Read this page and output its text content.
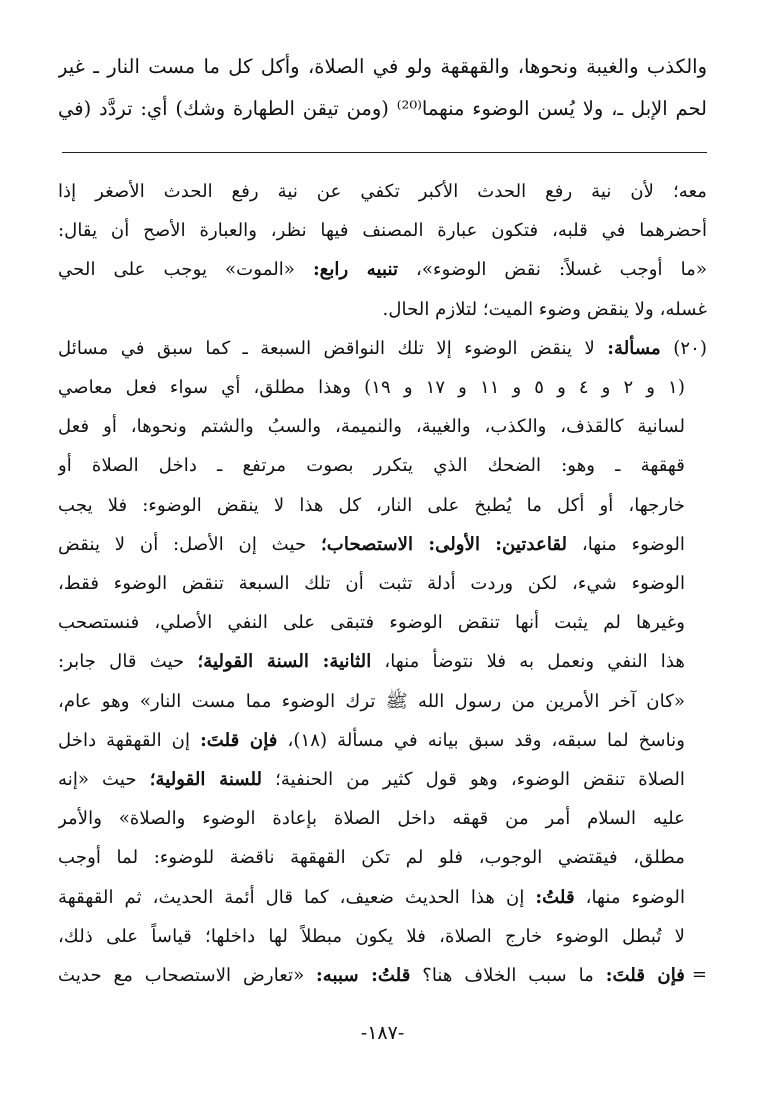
والكذب والغيبة ونحوها، والقهقهة ولو في الصلاة، وأكل كل ما مست النار ـ غير
لحم الإبل ـ، ولا يُسن الوضوء منهما⁽²⁰⁾ (ومن تيقن الطهارة وشك) أي: تردَّد (في
معه؛ لأن نية رفع الحدث الأكبر تكفي عن نية رفع الحدث الأصغر إذا
أحضرهما في قلبه، فتكون عبارة المصنف فيها نظر، والعبارة الأصح أن يقال:
«ما أوجب غسلاً: نقض الوضوء»، تنبيه رابع: «الموت» يوجب على الحي
غسله، ولا ينقض وضوء الميت؛ لتلازم الحال.
(٢٠) مسألة: لا ينقض الوضوء إلا تلك النواقض السبعة ـ كما سبق في مسائل
(١ و ٢ و ٤ و ٥ و ١١ و ١٧ و ١٩) وهذا مطلق، أي سواء فعل معاصي
لسانية كالقذف، والكذب، والغيبة، والنميمة، والسبُ والشتم ونحوها، أو فعل
قهقهة ـ وهو: الضحك الذي يتكرر بصوت مرتفع ـ داخل الصلاة أو
خارجها، أو أكل ما يُطبخ على النار، كل هذا لا ينقض الوضوء: فلا يجب
الوضوء منها، لقاعدتين: الأولى: الاستصحاب؛ حيث إن الأصل: أن لا ينقض
الوضوء شيء، لكن وردت أدلة تثبت أن تلك السبعة تنقض الوضوء فقط،
وغيرها لم يثبت أنها تنقض الوضوء فتبقى على النفي الأصلي، فنستصحب
هذا النفي ونعمل به فلا نتوضأ منها، الثانية: السنة القولية؛ حيث قال جابر:
«كان آخر الأمرين من رسول الله ﷺ ترك الوضوء مما مست النار» وهو عام،
وناسخ لما سبقه، وقد سبق بيانه في مسألة (١٨)، فإن قلتَ: إن القهقهة داخل
الصلاة تنقض الوضوء، وهو قول كثير من الحنفية؛ للسنة القولية؛ حيث «إنه
عليه السلام أمر من قهقه داخل الصلاة بإعادة الوضوء والصلاة» والأمر
مطلق، فيقتضي الوجوب، فلو لم تكن القهقهة ناقضة للوضوء: لما أوجب
الوضوء منها، قلتُ: إن هذا الحديث ضعيف، كما قال أئمة الحديث، ثم القهقهة
لا تُبطل الوضوء خارج الصلاة، فلا يكون مبطلاً لها داخلها؛ قياساً على ذلك،
فإن قلتَ: ما سبب الخلاف هنا؟ قلتُ: سببه: «تعارض الاستصحاب مع حديث	=
-١٨٧-
